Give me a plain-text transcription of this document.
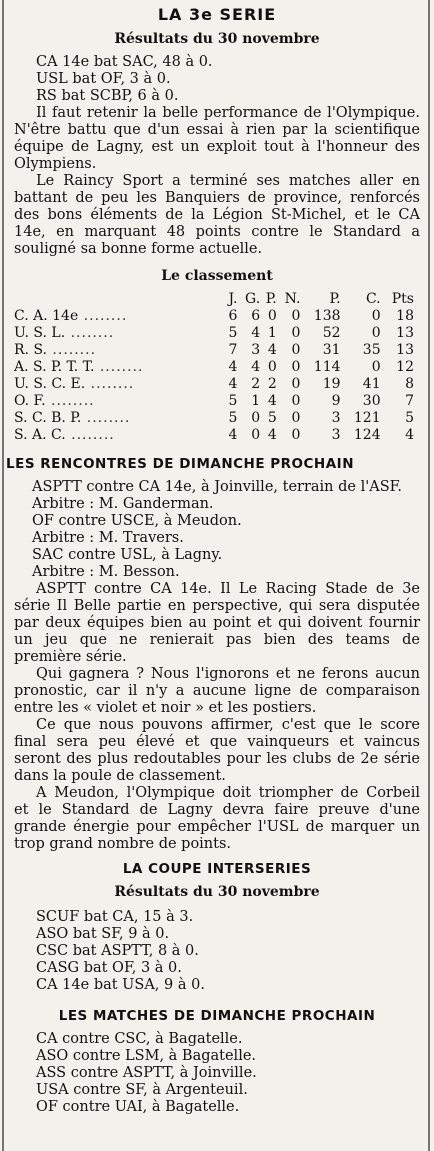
LA 3e SERIE
Résultats du 30 novembre
CA 14e bat SAC, 48 à 0.
USL bat OF, 3 à 0.
RS bat SCBP, 6 à 0.

Il faut retenir la belle performance de l'Olympique. N'être battu que d'un essai à rien par la scientifique équipe de Lagny, est un exploit tout à l'honneur des Olympiens.

Le Raincy Sport a terminé ses matches aller en battant de peu les Banquiers de province, renforcés des bons éléments de la Légion St-Michel, et le CA 14e, en marquant 48 points contre le Standard a souligné sa bonne forme actuelle.

Le classement
	J.	G.	P.	N.	P.	C.	Pts
C. A. 14e ........	6	6	0	0	138	0	18
U. S. L. ........	5	4	1	0	52	0	13
R. S. ........	7	3	4	0	31	35	13
A. S. P. T. T. ........	4	4	0	0	114	0	12
U. S. C. E. ........	4	2	2	0	19	41	8
O. F. ........	5	1	4	0	9	30	7
S. C. B. P. ........	5	0	5	0	3	121	5
S. A. C. ........	4	0	4	0	3	124	4
LES RENCONTRES DE DIMANCHE PROCHAIN
ASPTT contre CA 14e, à Joinville, terrain de l'ASF.
Arbitre : M. Ganderman.
OF contre USCE, à Meudon.
Arbitre : M. Travers.
SAC contre USL, à Lagny.
Arbitre : M. Besson.

ASPTT contre CA 14e. Il Le Racing Stade de 3e série Il Belle partie en perspective, qui sera disputée par deux équipes bien au point et qui doivent fournir un jeu que ne renierait pas bien des teams de première série.

Qui gagnera ? Nous l'ignorons et ne ferons aucun pronostic, car il n'y a aucune ligne de comparaison entre les « violet et noir » et les postiers.

Ce que nous pouvons affirmer, c'est que le score final sera peu élevé et que vainqueurs et vaincus seront des plus redoutables pour les clubs de 2e série dans la poule de classement.

A Meudon, l'Olympique doit triompher de Corbeil et le Standard de Lagny devra faire preuve d'une grande énergie pour empêcher l'USL de marquer un trop grand nombre de points.

LA COUPE INTERSERIES
Résultats du 30 novembre
SCUF bat CA, 15 à 3.
ASO bat SF, 9 à 0.
CSC bat ASPTT, 8 à 0.
CASG bat OF, 3 à 0.
CA 14e bat USA, 9 à 0.
LES MATCHES DE DIMANCHE PROCHAIN
CA contre CSC, à Bagatelle.
ASO contre LSM, à Bagatelle.
ASS contre ASPTT, à Joinville.
USA contre SF, à Argenteuil.
OF contre UAI, à Bagatelle.
